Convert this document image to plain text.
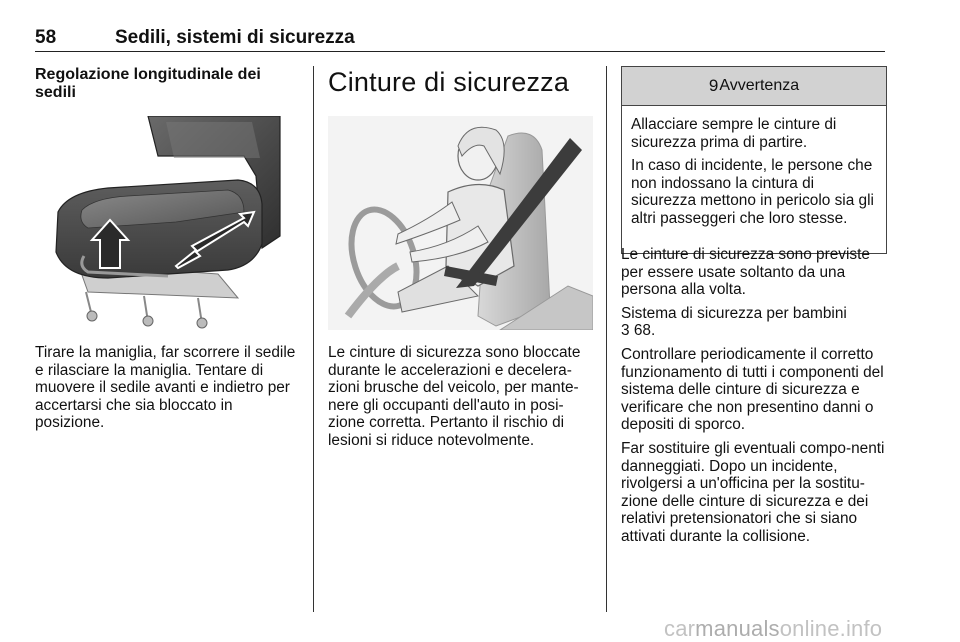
58	Sedili, sistemi di sicurezza
Regolazione longitudinale dei sedili

Tirare la maniglia, far scorrere il sedile e rilasciare la maniglia. Tentare di muovere il sedile avanti e indietro per accertarsi che sia bloccato in posizione.

Cinture di sicurezza

Le cinture di sicurezza sono bloccate durante le accelerazioni e decelera-zioni brusche del veicolo, per mante-nere gli occupanti dell'auto in posi-zione corretta. Pertanto il rischio di lesioni si riduce notevolmente.

9 Avvertenza

Allacciare sempre le cinture di sicurezza prima di partire.

In caso di incidente, le persone che non indossano la cintura di sicurezza mettono in pericolo sia gli altri passeggeri che loro stesse.

Le cinture di sicurezza sono previste per essere usate soltanto da una persona alla volta.

Sistema di sicurezza per bambini
3 68.

Controllare periodicamente il corretto funzionamento di tutti i componenti del sistema delle cinture di sicurezza e verificare che non presentino danni o depositi di sporco.

Far sostituire gli eventuali compo-nenti danneggiati. Dopo un incidente, rivolgersi a un'officina per la sostitu-zione delle cinture di sicurezza e dei relativi pretensionatori che si siano attivati durante la collisione.

carmanualsonline.info
